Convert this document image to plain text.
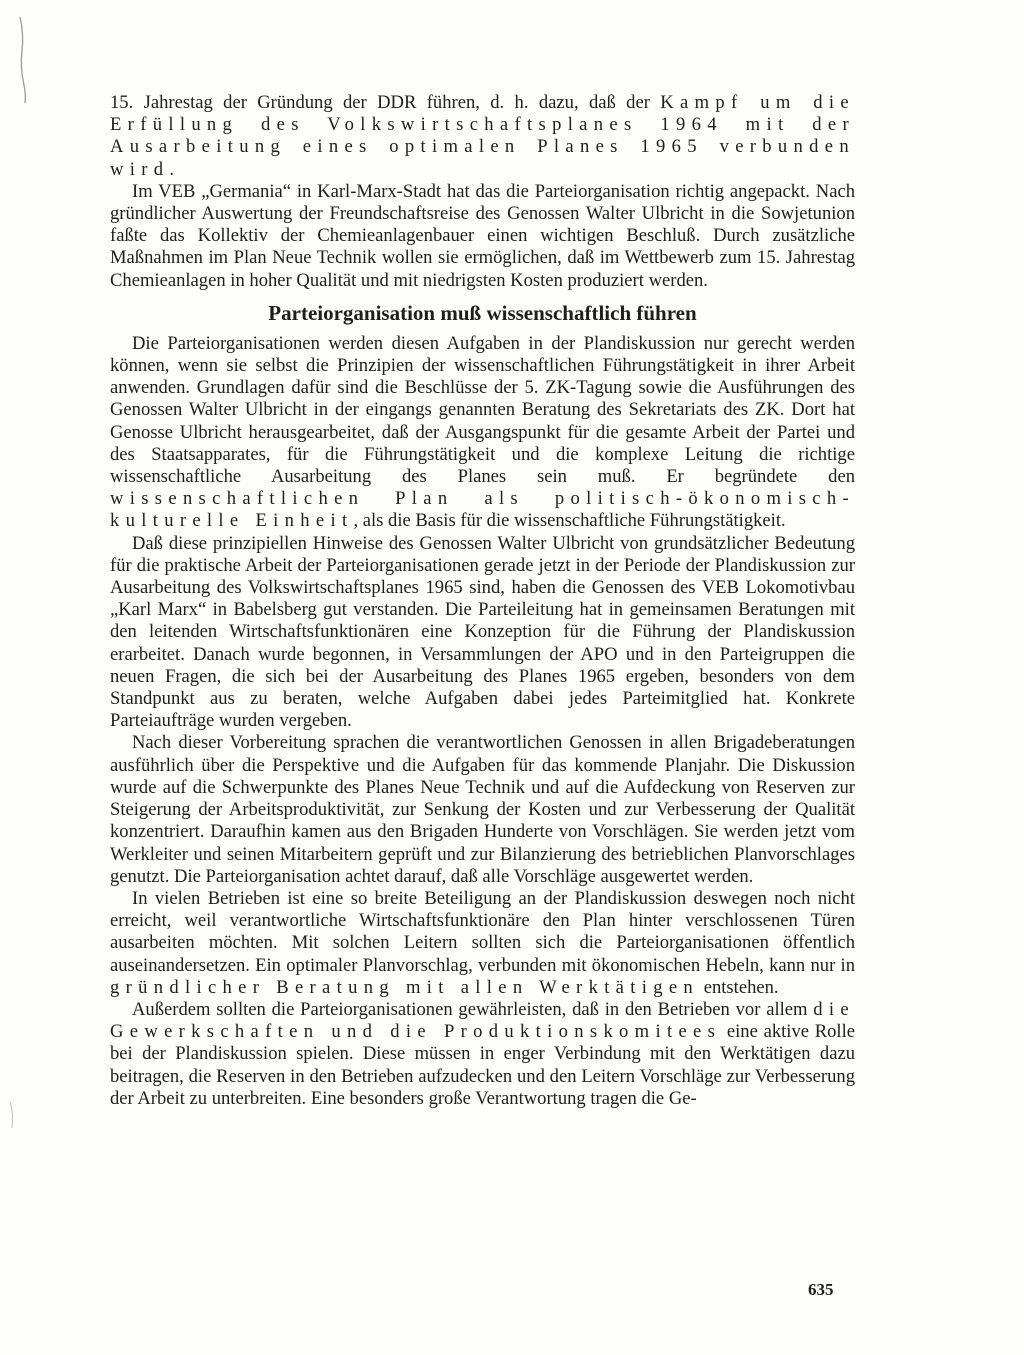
15. Jahrestag der Gründung der DDR führen, d. h. dazu, daß der Kampf um die Erfüllung des Volkswirtschaftsplanes 1964 mit der Ausarbeitung eines optimalen Planes 1965 verbunden wird.

Im VEB „Germania“ in Karl-Marx-Stadt hat das die Parteiorganisation richtig angepackt. Nach gründlicher Auswertung der Freundschaftsreise des Genossen Walter Ulbricht in die Sowjetunion faßte das Kollektiv der Chemieanlagenbauer einen wichtigen Beschluß. Durch zusätzliche Maßnahmen im Plan Neue Technik wollen sie ermöglichen, daß im Wettbewerb zum 15. Jahrestag Chemieanlagen in hoher Qualität und mit niedrigsten Kosten produziert werden.

Parteiorganisation muß wissenschaftlich führen

Die Parteiorganisationen werden diesen Aufgaben in der Plandiskussion nur gerecht werden können, wenn sie selbst die Prinzipien der wissenschaftlichen Führungstätigkeit in ihrer Arbeit anwenden. Grundlagen dafür sind die Beschlüsse der 5. ZK-Tagung sowie die Ausführungen des Genossen Walter Ulbricht in der eingangs genannten Beratung des Sekretariats des ZK. Dort hat Genosse Ulbricht herausgearbeitet, daß der Ausgangspunkt für die gesamte Arbeit der Partei und des Staatsapparates, für die Führungstätigkeit und die komplexe Leitung die richtige wissenschaftliche Ausarbeitung des Planes sein muß. Er begründete den wissenschaftlichen Plan als politisch-ökonomisch-kulturelle Einheit, als die Basis für die wissenschaftliche Führungstätigkeit.

Daß diese prinzipiellen Hinweise des Genossen Walter Ulbricht von grundsätzlicher Bedeutung für die praktische Arbeit der Parteiorganisationen gerade jetzt in der Periode der Plandiskussion zur Ausarbeitung des Volkswirtschaftsplanes 1965 sind, haben die Genossen des VEB Lokomotivbau „Karl Marx“ in Babelsberg gut verstanden. Die Parteileitung hat in gemeinsamen Beratungen mit den leitenden Wirtschaftsfunktionären eine Konzeption für die Führung der Plandiskussion erarbeitet. Danach wurde begonnen, in Versammlungen der APO und in den Parteigruppen die neuen Fragen, die sich bei der Ausarbeitung des Planes 1965 ergeben, besonders von dem Standpunkt aus zu beraten, welche Aufgaben dabei jedes Parteimitglied hat. Konkrete Parteiaufträge wurden vergeben.

Nach dieser Vorbereitung sprachen die verantwortlichen Genossen in allen Brigadeberatungen ausführlich über die Perspektive und die Aufgaben für das kommende Planjahr. Die Diskussion wurde auf die Schwerpunkte des Planes Neue Technik und auf die Aufdeckung von Reserven zur Steigerung der Arbeitsproduktivität, zur Senkung der Kosten und zur Verbesserung der Qualität konzentriert. Daraufhin kamen aus den Brigaden Hunderte von Vorschlägen. Sie werden jetzt vom Werkleiter und seinen Mitarbeitern geprüft und zur Bilanzierung des betrieblichen Planvorschlages genutzt. Die Parteiorganisation achtet darauf, daß alle Vorschläge ausgewertet werden.

In vielen Betrieben ist eine so breite Beteiligung an der Plandiskussion deswegen noch nicht erreicht, weil verantwortliche Wirtschaftsfunktionäre den Plan hinter verschlossenen Türen ausarbeiten möchten. Mit solchen Leitern sollten sich die Parteiorganisationen öffentlich auseinandersetzen. Ein optimaler Planvorschlag, verbunden mit ökonomischen Hebeln, kann nur in gründlicher Beratung mit allen Werktätigen entstehen.

Außerdem sollten die Parteiorganisationen gewährleisten, daß in den Betrieben vor allem die Gewerkschaften und die Produktionskomitees eine aktive Rolle bei der Plandiskussion spielen. Diese müssen in enger Verbindung mit den Werktätigen dazu beitragen, die Reserven in den Betrieben aufzudecken und den Leitern Vorschläge zur Verbesserung der Arbeit zu unterbreiten. Eine besonders große Verantwortung tragen die Ge-

635
